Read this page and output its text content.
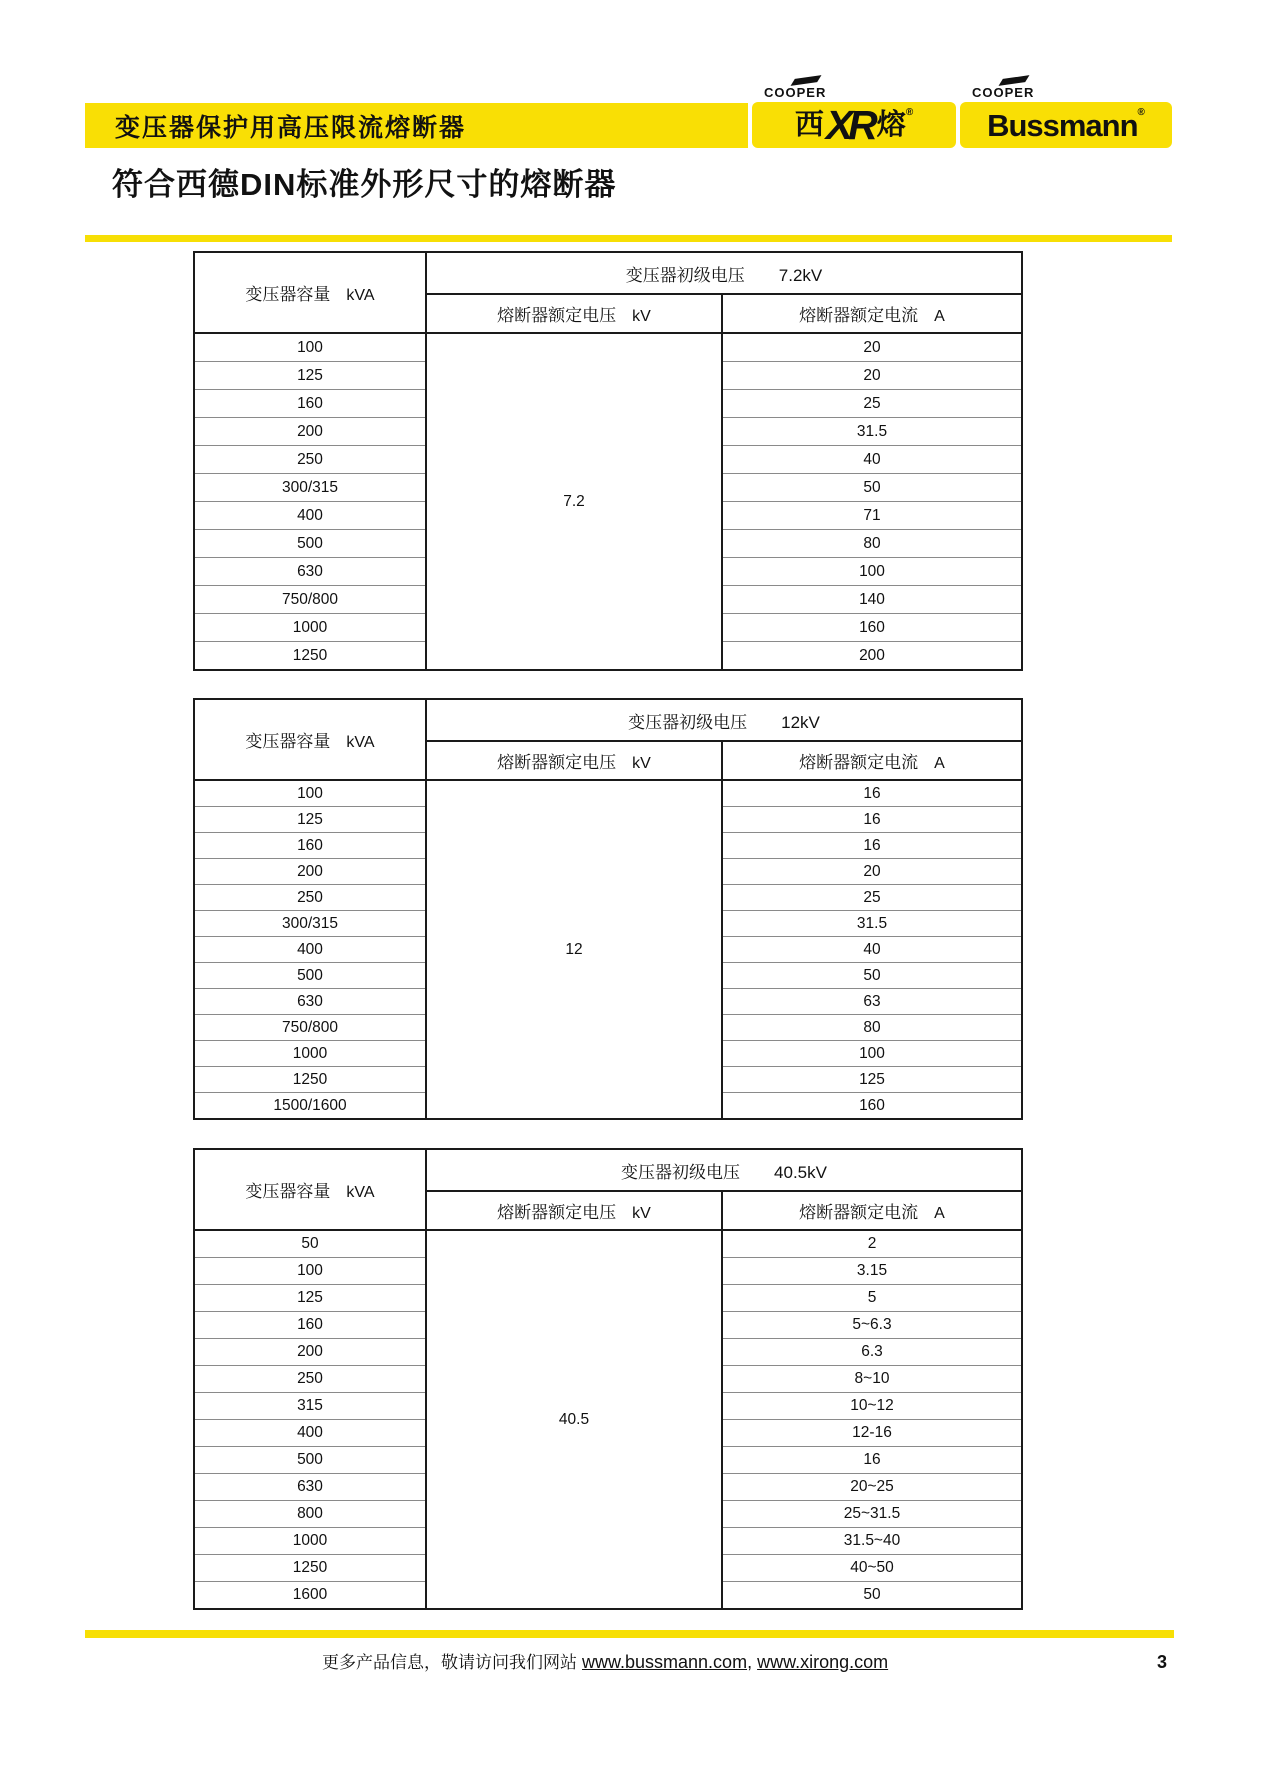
变压器保护用高压限流熔断器
COOPER
西 XR 熔 ®
COOPER
Bussmann ®
符合西德DIN标准外形尺寸的熔断器
变压器容量 kVA	变压器初级电压 7.2kV	
	熔断器额定电压 kV	熔断器额定电流 A
100	7.2	20
125		20
160		25
200		31.5
250		40
300/315		50
400		71
500		80
630		100
750/800		140
1000		160
1250		200
变压器容量 kVA	变压器初级电压 12kV	
	熔断器额定电压 kV	熔断器额定电流 A
100	12	16
125		16
160		16
200		20
250		25
300/315		31.5
400		40
500		50
630		63
750/800		80
1000		100
1250		125
1500/1600		160
变压器容量 kVA	变压器初级电压 40.5kV	
	熔断器额定电压 kV	熔断器额定电流 A
50	40.5	2
100		3.15
125		5
160		5~6.3
200		6.3
250		8~10
315		10~12
400		12-16
500		16
630		20~25
800		25~31.5
1000		31.5~40
1250		40~50
1600		50
更多产品信息，敬请访问我们网站 www.bussmann.com , www.xirong.com	3
